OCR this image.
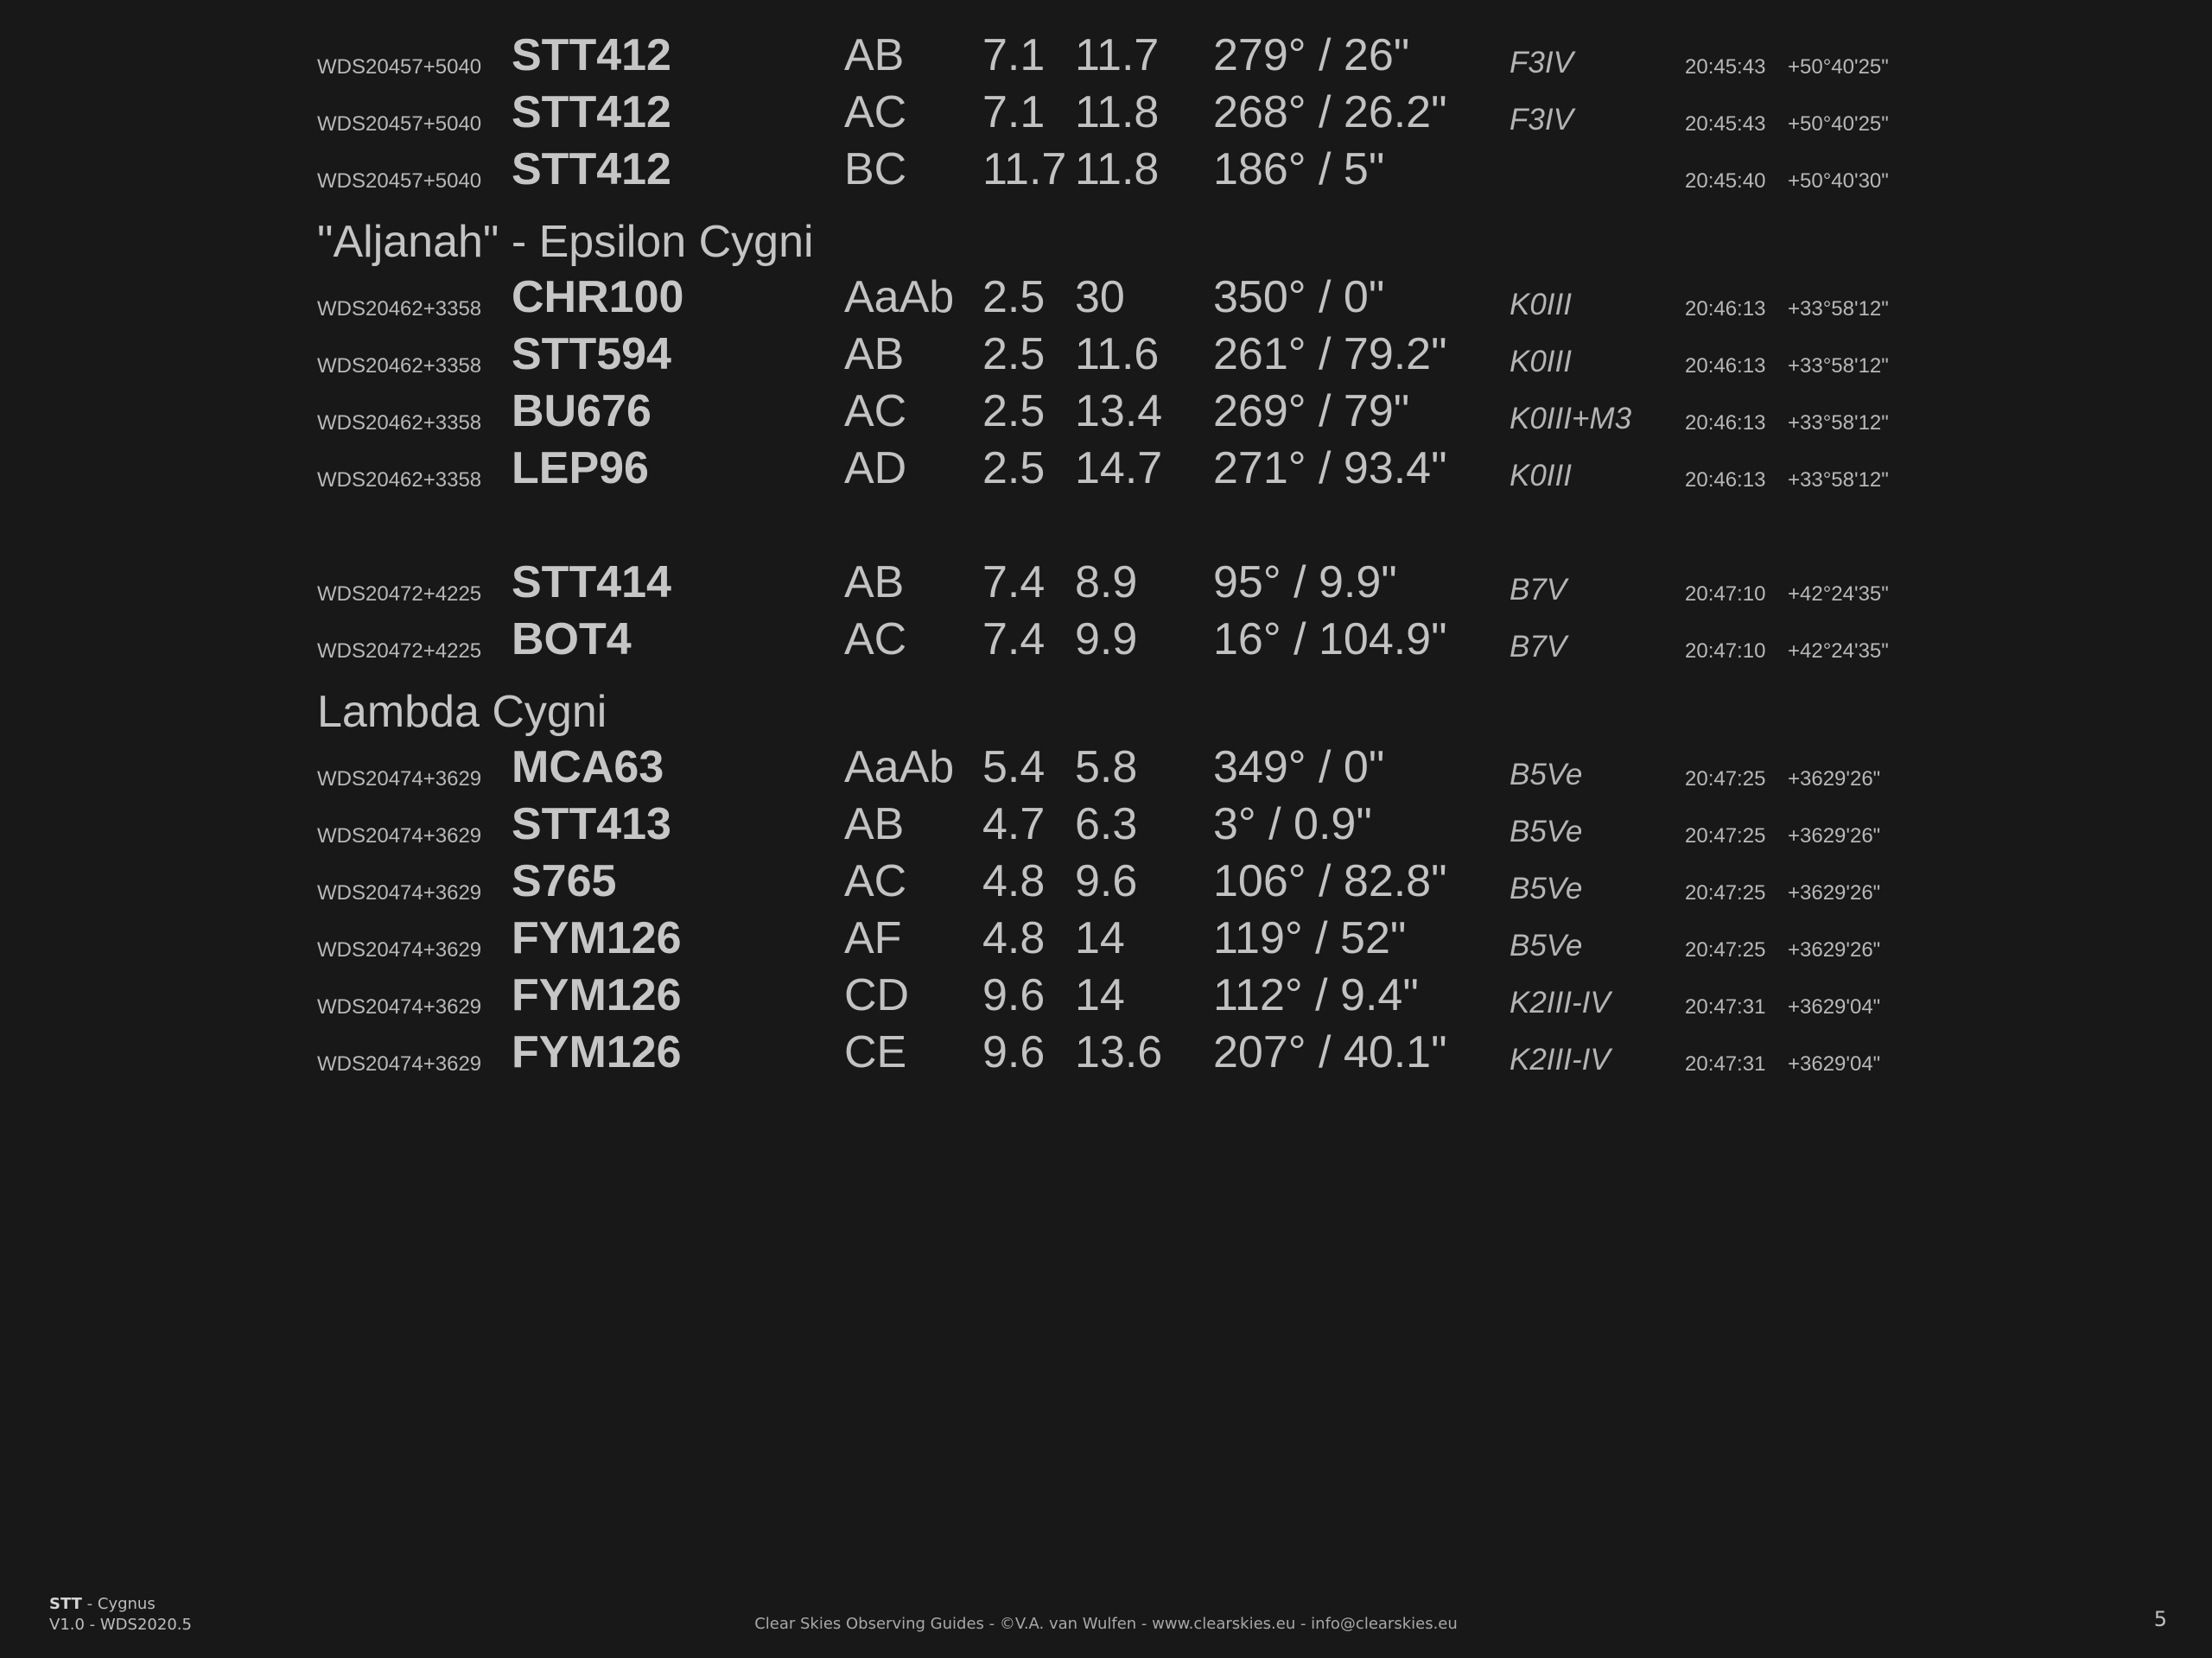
WDS20457+5040 STT412	AB 7.1 11.7 279° / 26"	F3IV	20:45:43 +50°40'25"
WDS20457+5040 STT412	AC 7.1 11.8 268° / 26.2" F3IV	20:45:43 +50°40'25"
WDS20457+5040 STT412	BC 11.7 11.8 186° / 5"	20:45:40 +50°40'30"
"Aljanah" - Epsilon Cygni
WDS20462+3358 CHR100	AaAb 2.5 30 350° / 0"	K0III	20:46:13 +33°58'12"
WDS20462+3358 STT594	AB 2.5 11.6 261° / 79.2" K0III	20:46:13 +33°58'12"
WDS20462+3358 BU676	AC 2.5 13.4 269° / 79"	K0III+M3	20:46:13 +33°58'12"
WDS20462+3358 LEP96	AD 2.5 14.7 271° / 93.4" K0III	20:46:13 +33°58'12"
WDS20472+4225 STT414	AB 7.4 8.9 95° / 9.9"	B7V	20:47:10 +42°24'35"
WDS20472+4225 BOT4	AC 7.4 9.9 16° / 104.9" B7V	20:47:10 +42°24'35"
Lambda Cygni
WDS20474+3629 MCA63	AaAb 5.4 5.8 349° / 0"	B5Ve	20:47:25 +3629'26"
WDS20474+3629 STT413	AB 4.7 6.3 3° / 0.9"	B5Ve	20:47:25 +3629'26"
WDS20474+3629 S765	AC 4.8 9.6 106° / 82.8" B5Ve	20:47:25 +3629'26"
WDS20474+3629 FYM126	AF 4.8 14 119° / 52"	B5Ve	20:47:25 +3629'26"
WDS20474+3629 FYM126	CD 9.6 14 112° / 9.4"	K2III-IV	20:47:31 +3629'04"
WDS20474+3629 FYM126	CE 9.6 13.6 207° / 40.1" K2III-IV	20:47:31 +3629'04"
STT - Cygnus
V1.0 - WDS2020.5	Clear Skies Observing Guides - ©V.A. van Wulfen - www.clearskies.eu - info@clearskies.eu	5
